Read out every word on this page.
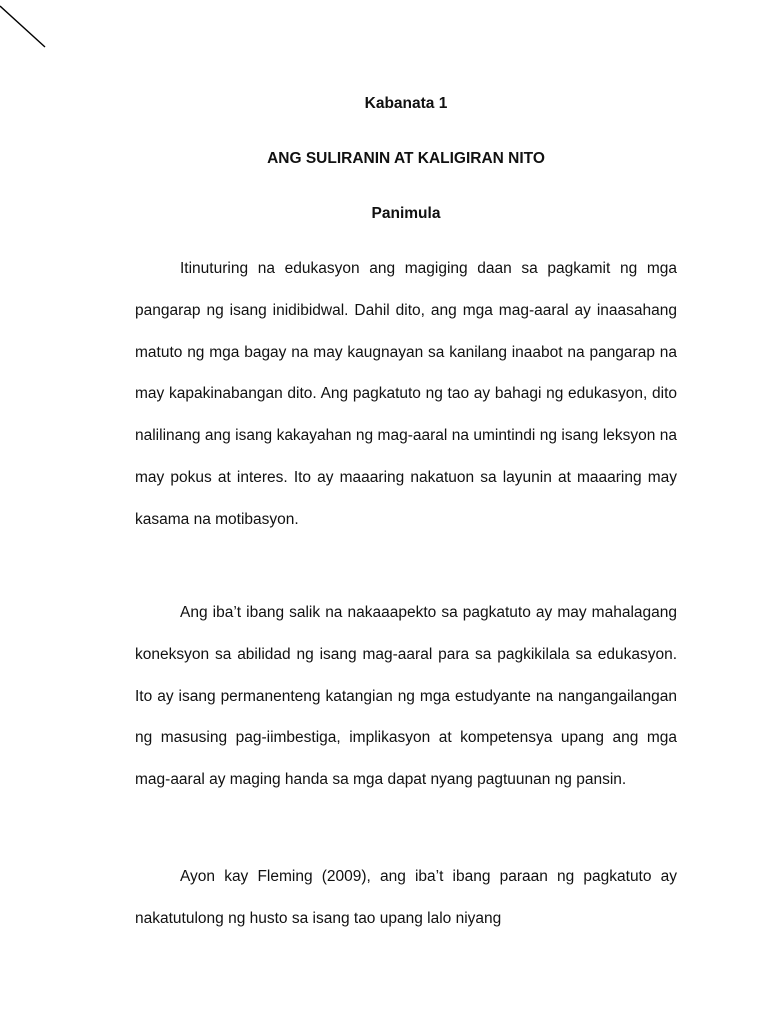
Kabanata 1

ANG SULIRANIN AT KALIGIRAN NITO

Panimula

Itinuturing na edukasyon ang magiging daan sa pagkamit ng mga pangarap ng isang inidibidwal. Dahil dito, ang mga mag-aaral ay inaasahang matuto ng mga bagay na may kaugnayan sa kanilang inaabot na pangarap na may kapakinabangan dito. Ang pagkatuto ng tao ay bahagi ng edukasyon, dito nalilinang ang isang kakayahan ng mag-aaral na umintindi ng isang leksyon na may pokus at interes. Ito ay maaaring nakatuon sa layunin at maaaring may kasama na motibasyon.

Ang iba’t ibang salik na nakaaapekto sa pagkatuto ay may mahalagang koneksyon sa abilidad ng isang mag-aaral para sa pagkikilala sa edukasyon. Ito ay isang permanenteng katangian ng mga estudyante na nangangailangan ng masusing pag-iimbestiga, implikasyon at kompetensya upang ang mga mag-aaral ay maging handa sa mga dapat nyang pagtuunan ng pansin.

Ayon kay Fleming (2009), ang iba’t ibang paraan ng pagkatuto ay nakatutulong ng husto sa isang tao upang lalo niyang
